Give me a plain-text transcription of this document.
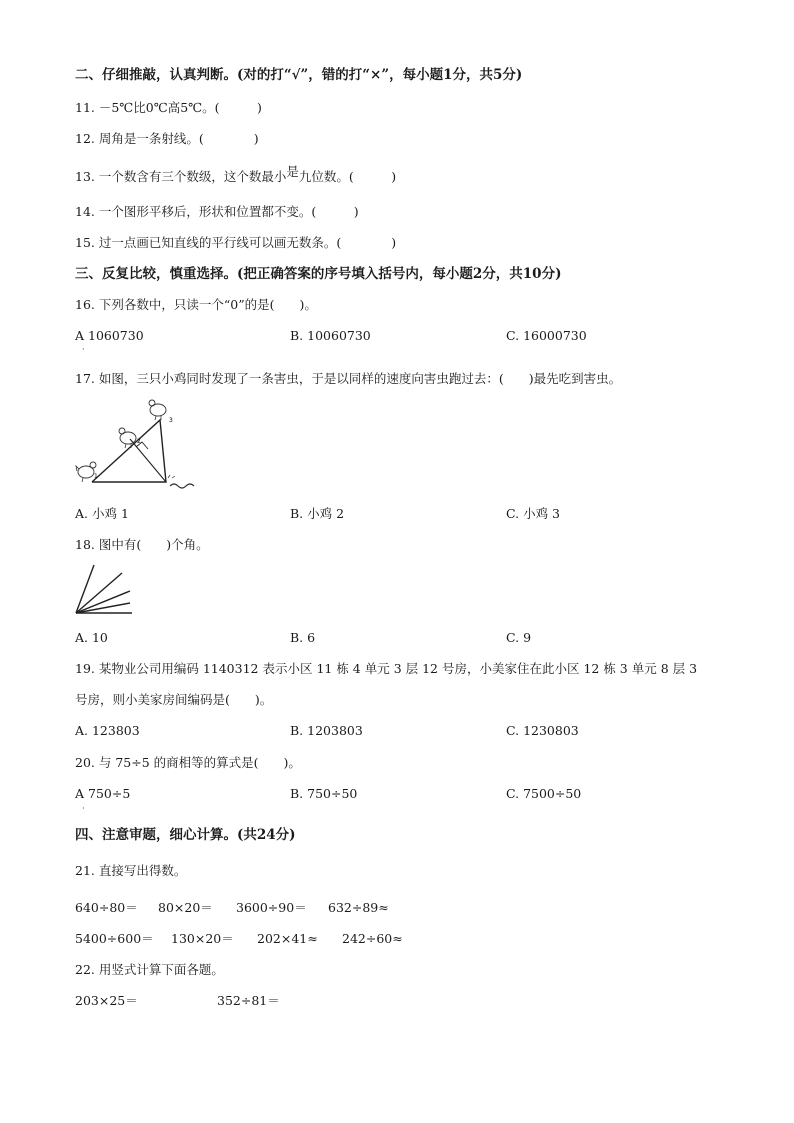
二、仔细推敲，认真判断。(对的打“√”，错的打“×”，每小题1分，共5分)
11. －5℃比0℃高5℃。(　　　)
12. 周角是一条射线。(　　　　)
13. 一个数含有三个数级，这个数最小是九位数。(　　　)
14. 一个图形平移后，形状和位置都不变。(　　　)
15. 过一点画已知直线的平行线可以画无数条。(　　　　)
三、反复比较，慎重选择。(把正确答案的序号填入括号内，每小题2分，共10分)
16. 下列各数中，只读一个“0”的是(　　)。
A 1060730
·
B. 10060730	C. 16000730
17. 如图，三只小鸡同时发现了一条害虫，于是以同样的速度向害虫跑过去：(　　)最先吃到害虫。
1
2
3
A. 小鸡 1	B. 小鸡 2	C. 小鸡 3
18. 图中有(　　)个角。
A. 10	B. 6	C. 9
19. 某物业公司用编码 1140312 表示小区 11 栋 4 单元 3 层 12 号房，小美家住在此小区 12 栋 3 单元 8 层 3
号房，则小美家房间编码是(　　)。
A. 123803	B. 1203803	C. 1230803
20. 与 75÷5 的商相等的算式是(　　)。
A 750÷5
·
B. 750÷50	C. 7500÷50
四、注意审题，细心计算。(共24分)
21. 直接写出得数。
640÷80＝ 80×20＝ 3600÷90＝ 632÷89≈
5400÷600＝ 130×20＝ 202×41≈ 242÷60≈
22. 用竖式计算下面各题。
203×25＝	352÷81＝
